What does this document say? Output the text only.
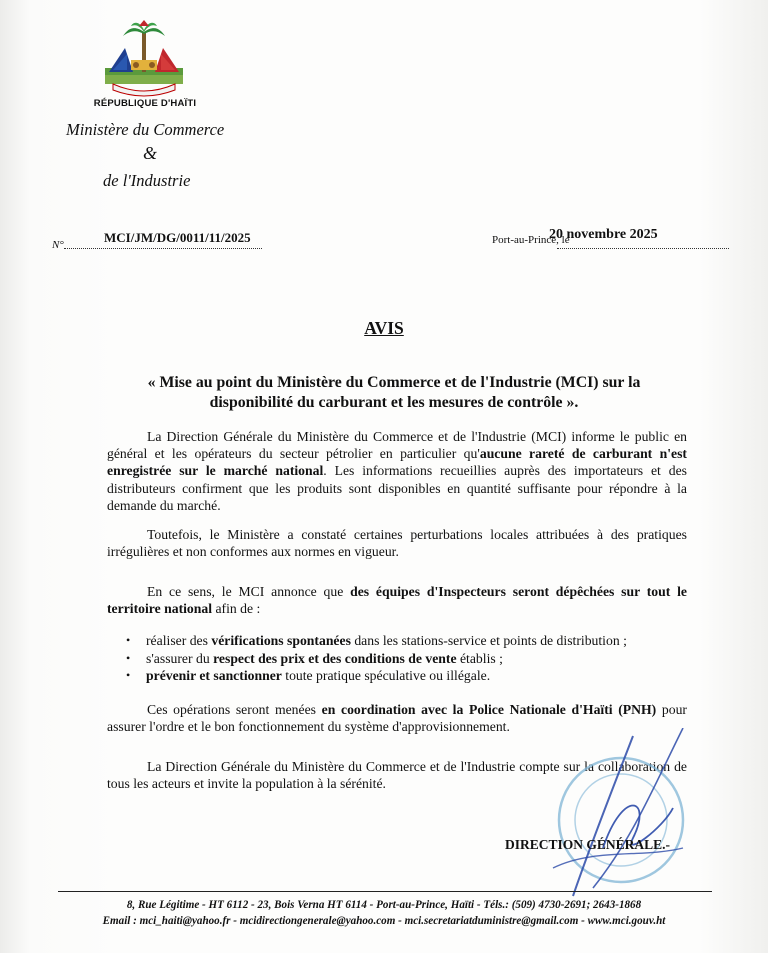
RÉPUBLIQUE D'HAÏTI
Ministère du Commerce
&
de l'Industrie
N°	MCI/JM/DG/0011/11/2025	Port-au-Prince, le
20 novembre 2025
AVIS
« Mise au point du Ministère du Commerce et de l'Industrie (MCI) sur la disponibilité du carburant et les mesures de contrôle ».
La Direction Générale du Ministère du Commerce et de l'Industrie (MCI) informe le public en général et les opérateurs du secteur pétrolier en particulier qu'aucune rareté de carburant n'est enregistrée sur le marché national. Les informations recueillies auprès des importateurs et des distributeurs confirment que les produits sont disponibles en quantité suffisante pour répondre à la demande du marché.
Toutefois, le Ministère a constaté certaines perturbations locales attribuées à des pratiques irrégulières et non conformes aux normes en vigueur.
En ce sens, le MCI annonce que des équipes d'Inspecteurs seront dépêchées sur tout le territoire national afin de :
• réaliser des vérifications spontanées dans les stations-service et points de distribution ;
• s'assurer du respect des prix et des conditions de vente établis ;
• prévenir et sanctionner toute pratique spéculative ou illégale.
Ces opérations seront menées en coordination avec la Police Nationale d'Haïti (PNH) pour assurer l'ordre et le bon fonctionnement du système d'approvisionnement.
La Direction Générale du Ministère du Commerce et de l'Industrie compte sur la collaboration de tous les acteurs et invite la population à la sérénité.
DIRECTION GÉNÉRALE.-
8, Rue Légitime - HT 6112 - 23, Bois Verna HT 6114 - Port-au-Prince, Haïti - Téls.: (509) 4730-2691; 2643-1868
Email : mci_haiti@yahoo.fr - mcidirectiongenerale@yahoo.com - mci.secretariatduministre@gmail.com - www.mci.gouv.ht
